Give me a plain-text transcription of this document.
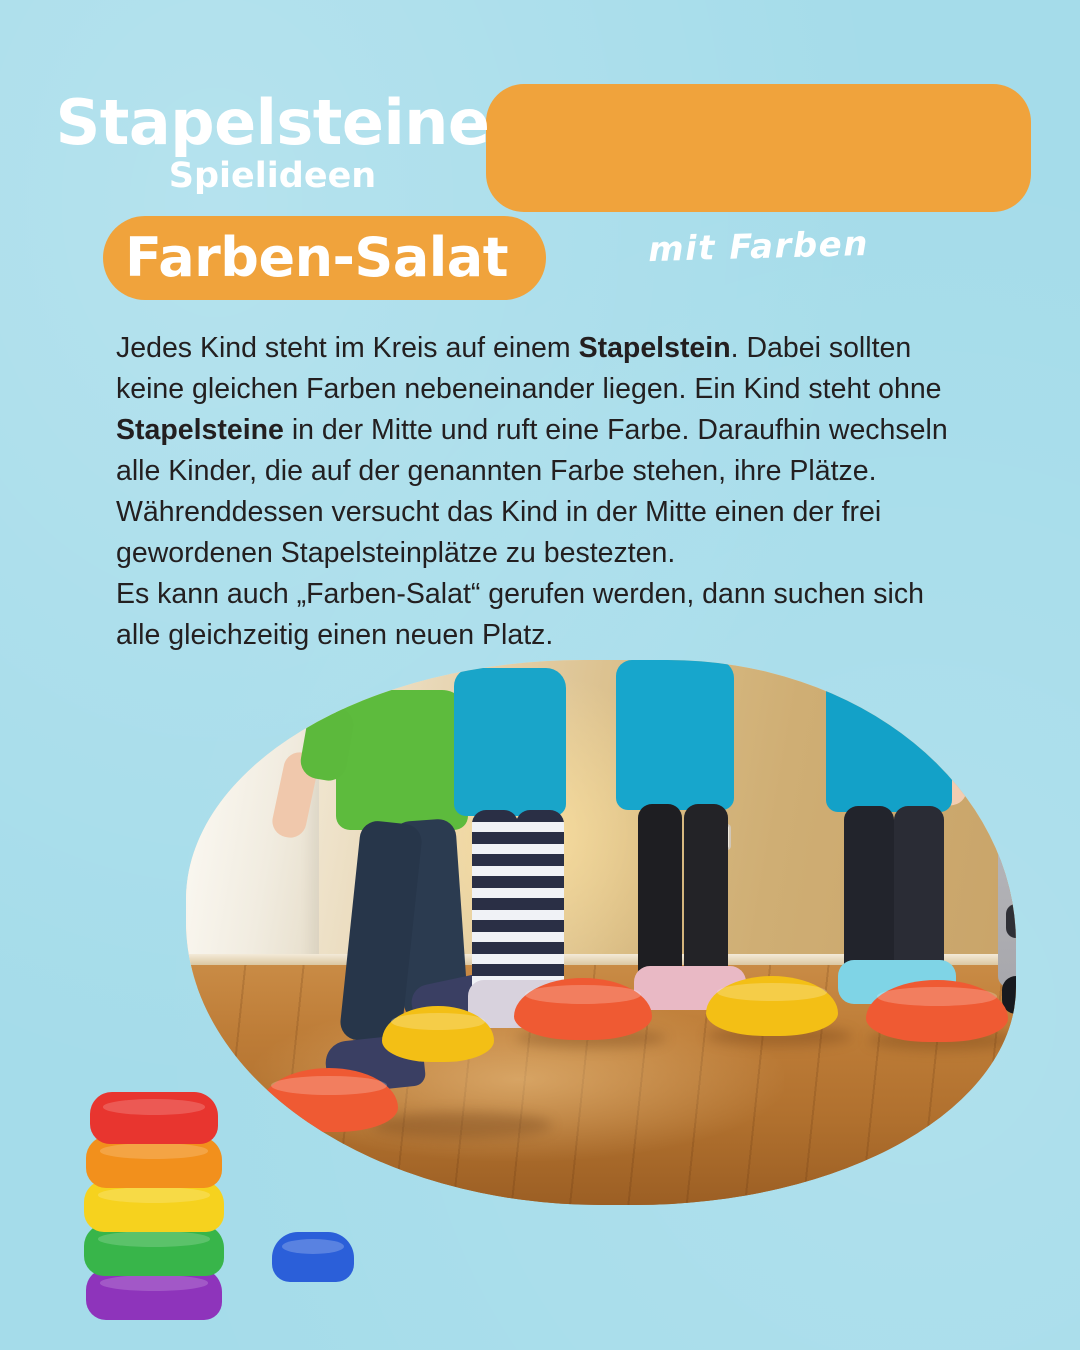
Stapelsteine
Spielideen
mit Farben
Farben-Salat

Jedes Kind steht im Kreis auf einem Stapelstein. Dabei sollten keine gleichen Farben nebeneinander liegen. Ein Kind steht ohne Stapelsteine in der Mitte und ruft eine Farbe. Daraufhin wechseln alle Kinder, die auf der genannten Farbe stehen, ihre Plätze. Währenddessen versucht das Kind in der Mitte einen der frei gewordenen Stapelsteinplätze zu bestezten.

Es kann auch „Farben-Salat“ gerufen werden, dann suchen sich alle gleichzeitig einen neuen Platz.
